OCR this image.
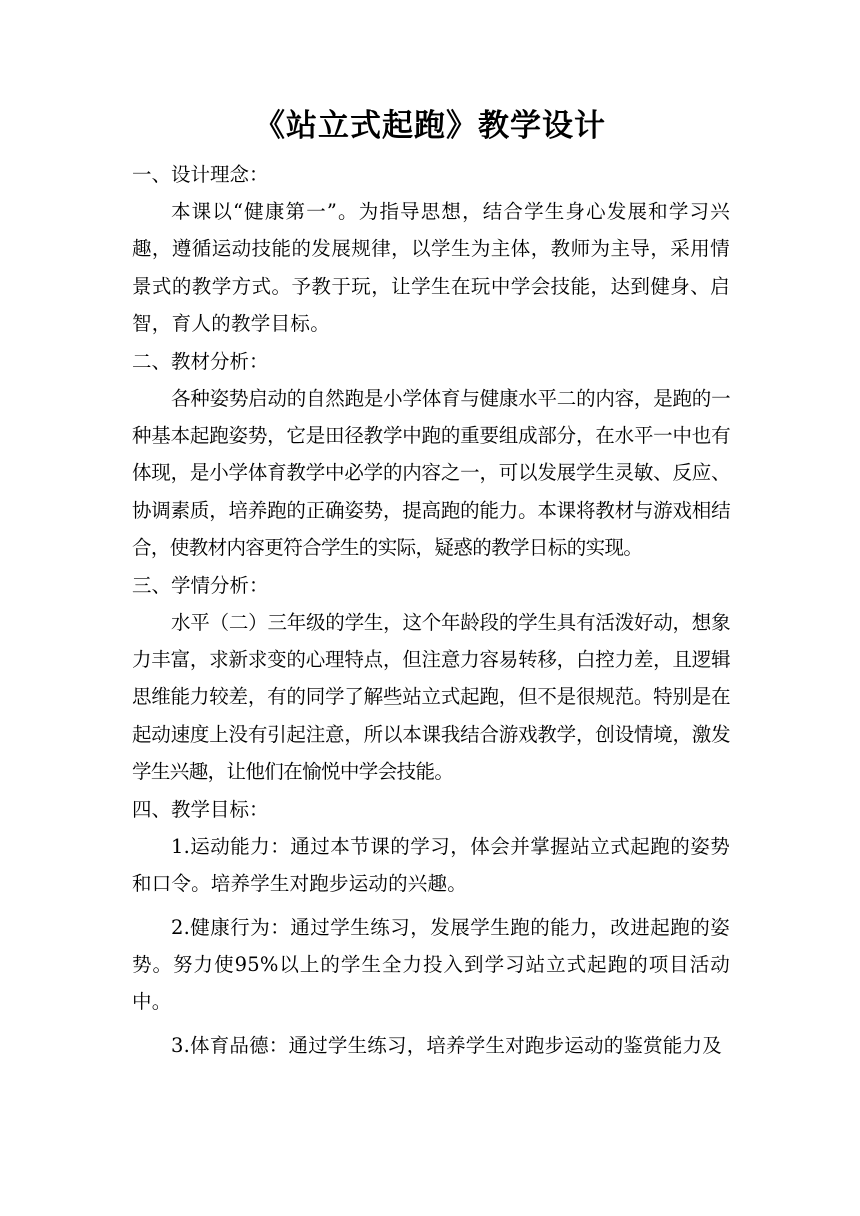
《站立式起跑》教学设计

一、设计理念：

本课以“健康第一”。为指导思想，结合学生身心发展和学习兴趣，遵循运动技能的发展规律，以学生为主体，教师为主导，采用情景式的教学方式。予教于玩，让学生在玩中学会技能，达到健身、启智，育人的教学目标。

二、教材分析：

各种姿势启动的自然跑是小学体育与健康水平二的内容，是跑的一种基本起跑姿势，它是田径教学中跑的重要组成部分，在水平一中也有体现，是小学体育教学中必学的内容之一，可以发展学生灵敏、反应、协调素质，培养跑的正确姿势，提高跑的能力。本课将教材与游戏相结合，使教材内容更符合学生的实际，疑惑的教学日标的实现。

三、学情分析：

水平（二）三年级的学生，这个年龄段的学生具有活泼好动，想象力丰富，求新求变的心理特点，但注意力容易转移，白控力差，且逻辑思维能力较差，有的同学了解些站立式起跑，但不是很规范。特别是在起动速度上没有引起注意，所以本课我结合游戏教学，创设情境，激发学生兴趣，让他们在愉悦中学会技能。

四、教学目标：

1.运动能力：通过本节课的学习，体会并掌握站立式起跑的姿势和口令。培养学生对跑步运动的兴趣。

2.健康行为：通过学生练习，发展学生跑的能力，改进起跑的姿势。努力使95%以上的学生全力投入到学习站立式起跑的项目活动中。

3.体育品德：通过学生练习，培养学生对跑步运动的鉴赏能力及
